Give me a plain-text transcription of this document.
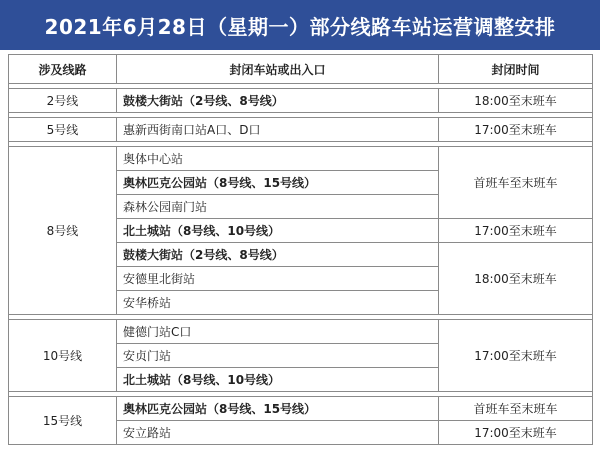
2021年6月28日（星期一）部分线路车站运营调整安排
涉及线路	封闭车站或出入口	封闭时间

2号线	鼓楼大街站（2号线、8号线）	18:00至末班车

5号线	惠新西街南口站A口、D口	17:00至末班车

8号线	奥体中心站	首班车至末班车
	奥林匹克公园站（8号线、15号线）	
	森林公园南门站	
	北土城站（8号线、10号线）	17:00至末班车
	鼓楼大街站（2号线、8号线）	18:00至末班车
	安德里北街站	
	安华桥站	

10号线	健德门站C口	17:00至末班车
	安贞门站	
	北土城站（8号线、10号线）	

15号线	奥林匹克公园站（8号线、15号线）	首班车至末班车
	安立路站	17:00至末班车
